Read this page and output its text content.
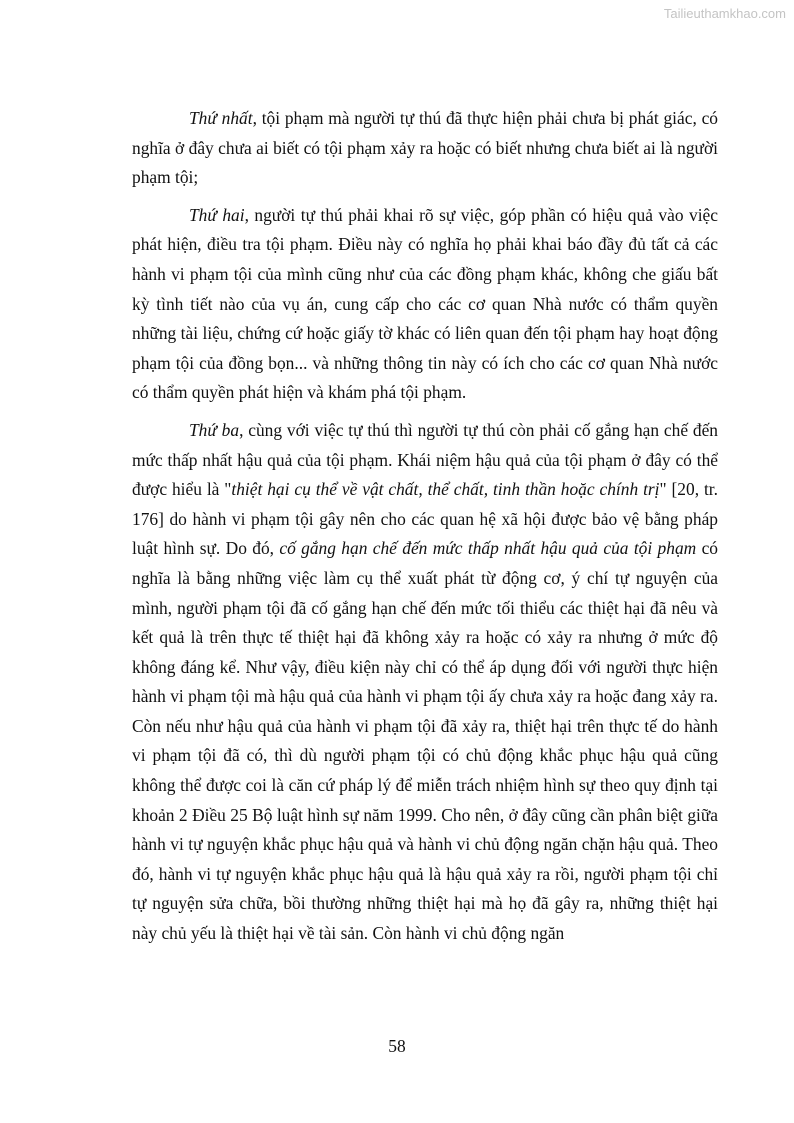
Tailieuthamkhao.com

Thứ nhất, tội phạm mà người tự thú đã thực hiện phải chưa bị phát giác, có nghĩa ở đây chưa ai biết có tội phạm xảy ra hoặc có biết nhưng chưa biết ai là người phạm tội;

Thứ hai, người tự thú phải khai rõ sự việc, góp phần có hiệu quả vào việc phát hiện, điều tra tội phạm. Điều này có nghĩa họ phải khai báo đầy đủ tất cả các hành vi phạm tội của mình cũng như của các đồng phạm khác, không che giấu bất kỳ tình tiết nào của vụ án, cung cấp cho các cơ quan Nhà nước có thẩm quyền những tài liệu, chứng cứ hoặc giấy tờ khác có liên quan đến tội phạm hay hoạt động phạm tội của đồng bọn... và những thông tin này có ích cho các cơ quan Nhà nước có thẩm quyền phát hiện và khám phá tội phạm.

Thứ ba, cùng với việc tự thú thì người tự thú còn phải cố gắng hạn chế đến mức thấp nhất hậu quả của tội phạm. Khái niệm hậu quả của tội phạm ở đây có thể được hiểu là "thiệt hại cụ thể về vật chất, thể chất, tinh thần hoặc chính trị" [20, tr. 176] do hành vi phạm tội gây nên cho các quan hệ xã hội được bảo vệ bằng pháp luật hình sự. Do đó, cố gắng hạn chế đến mức thấp nhất hậu quả của tội phạm có nghĩa là bằng những việc làm cụ thể xuất phát từ động cơ, ý chí tự nguyện của mình, người phạm tội đã cố gắng hạn chế đến mức tối thiểu các thiệt hại đã nêu và kết quả là trên thực tế thiệt hại đã không xảy ra hoặc có xảy ra nhưng ở mức độ không đáng kể. Như vậy, điều kiện này chỉ có thể áp dụng đối với người thực hiện hành vi phạm tội mà hậu quả của hành vi phạm tội ấy chưa xảy ra hoặc đang xảy ra. Còn nếu như hậu quả của hành vi phạm tội đã xảy ra, thiệt hại trên thực tế do hành vi phạm tội đã có, thì dù người phạm tội có chủ động khắc phục hậu quả cũng không thể được coi là căn cứ pháp lý để miễn trách nhiệm hình sự theo quy định tại khoản 2 Điều 25 Bộ luật hình sự năm 1999. Cho nên, ở đây cũng cần phân biệt giữa hành vi tự nguyện khắc phục hậu quả và hành vi chủ động ngăn chặn hậu quả. Theo đó, hành vi tự nguyện khắc phục hậu quả là hậu quả xảy ra rồi, người phạm tội chỉ tự nguyện sửa chữa, bồi thường những thiệt hại mà họ đã gây ra, những thiệt hại này chủ yếu là thiệt hại về tài sản. Còn hành vi chủ động ngăn

58
